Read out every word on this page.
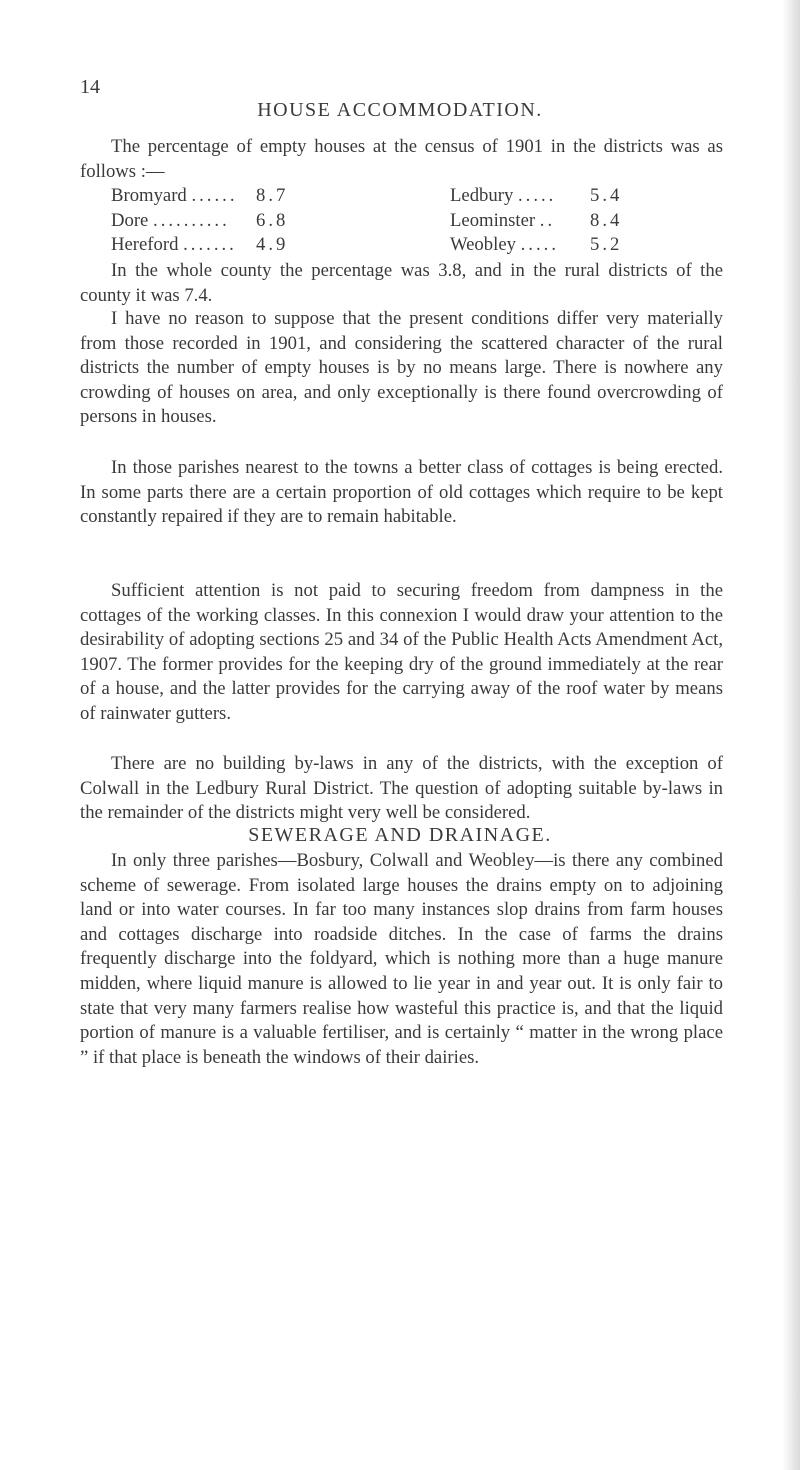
14
HOUSE ACCOMMODATION.

The percentage of empty houses at the census of 1901 in the districts was as follows :—

Bromyard ...... 8.7	Ledbury ..... 5.4
Dore .......... 6.8	Leominster .. 8.4
Hereford ....... 4.9	Weobley ..... 5.2

In the whole county the percentage was 3.8, and in the rural districts of the county it was 7.4.

I have no reason to suppose that the present conditions differ very materially from those recorded in 1901, and considering the scattered character of the rural districts the number of empty houses is by no means large. There is nowhere any crowding of houses on area, and only exceptionally is there found overcrowding of persons in houses.

In those parishes nearest to the towns a better class of cottages is being erected. In some parts there are a certain proportion of old cottages which require to be kept constantly repaired if they are to remain habitable.

Sufficient attention is not paid to securing freedom from dampness in the cottages of the working classes. In this connexion I would draw your attention to the desirability of adopting sections 25 and 34 of the Public Health Acts Amendment Act, 1907. The former provides for the keeping dry of the ground immediately at the rear of a house, and the latter provides for the carrying away of the roof water by means of rainwater gutters.

There are no building by-laws in any of the districts, with the exception of Colwall in the Ledbury Rural District. The question of adopting suitable by-laws in the remainder of the districts might very well be considered.

SEWERAGE AND DRAINAGE.

In only three parishes—Bosbury, Colwall and Weobley—is there any combined scheme of sewerage. From isolated large houses the drains empty on to adjoining land or into water courses. In far too many instances slop drains from farm houses and cottages discharge into roadside ditches. In the case of farms the drains frequently discharge into the foldyard, which is nothing more than a huge manure midden, where liquid manure is allowed to lie year in and year out. It is only fair to state that very many farmers realise how wasteful this practice is, and that the liquid portion of manure is a valuable fertiliser, and is certainly “ matter in the wrong place ” if that place is beneath the windows of their dairies.
